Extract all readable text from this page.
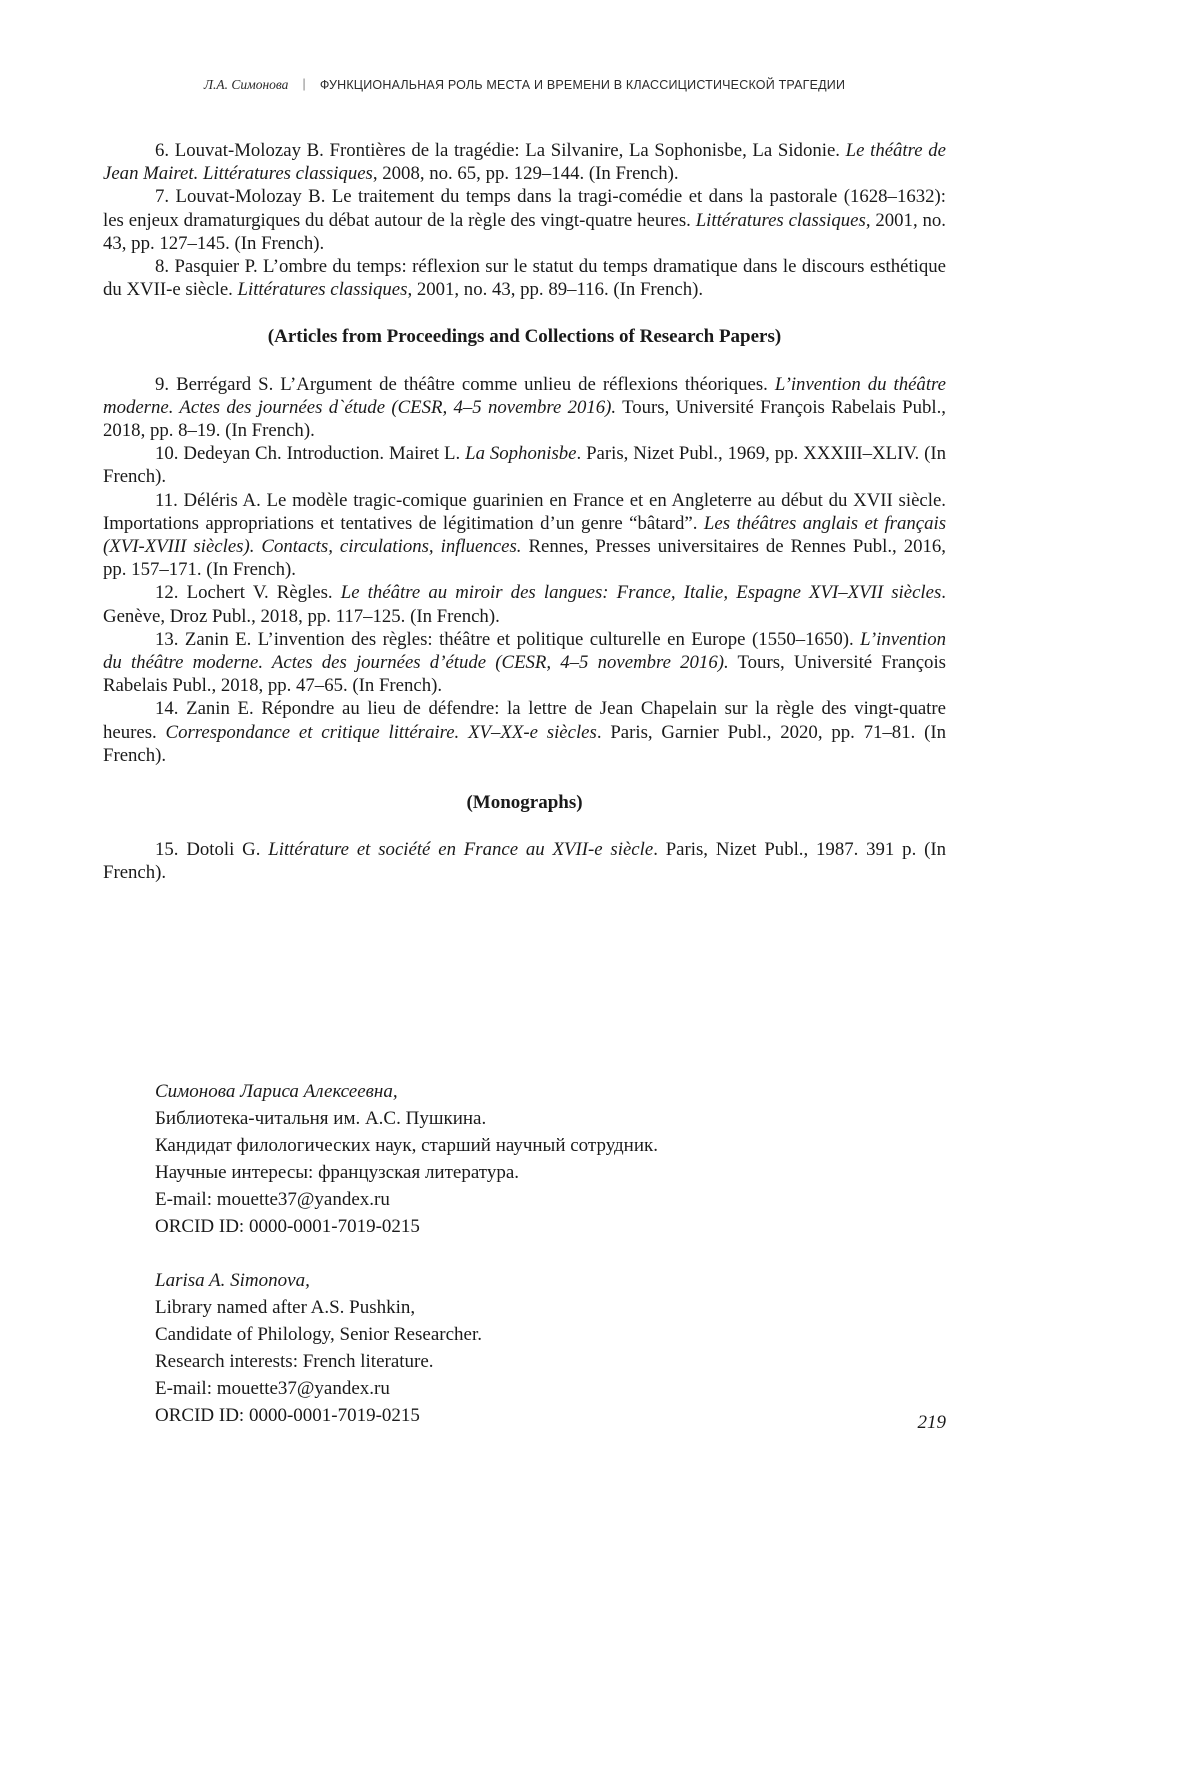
Л.А. Симонова | ФУНКЦИОНАЛЬНАЯ РОЛЬ МЕСТА И ВРЕМЕНИ В КЛАССИЦИСТИЧЕСКОЙ ТРАГЕДИИ

6. Louvat-Molozay B. Frontières de la tragédie: La Silvanire, La Sophonisbe, La Sidonie. Le théâtre de Jean Mairet. Littératures classiques, 2008, no. 65, pp. 129–144. (In French).

7. Louvat-Molozay B. Le traitement du temps dans la tragi-comédie et dans la pastorale (1628–1632): les enjeux dramaturgiques du débat autour de la règle des vingt-quatre heures. Littératures classiques, 2001, no. 43, pp. 127–145. (In French).

8. Pasquier P. L’ombre du temps: réflexion sur le statut du temps dramatique dans le discours esthétique du XVII-e siècle. Littératures classiques, 2001, no. 43, pp. 89–116. (In French).

(Articles from Proceedings and Collections of Research Papers)

9. Berrégard S. L’Argument de théâtre comme unlieu de réflexions théoriques. L’invention du théâtre moderne. Actes des journées d`étude (CESR, 4–5 novembre 2016). Tours, Université François Rabelais Publ., 2018, pp. 8–19. (In French).

10. Dedeyan Ch. Introduction. Mairet L. La Sophonisbe. Paris, Nizet Publ., 1969, pp. XXXIII–XLIV. (In French).

11. Déléris A. Le modèle tragic-comique guarinien en France et en Angleterre au début du XVII siècle. Importations appropriations et tentatives de légitimation d’un genre “bâtard”. Les théâtres anglais et français (XVI-XVIII siècles). Contacts, circulations, influences. Rennes, Presses universitaires de Rennes Publ., 2016, pp. 157–171. (In French).

12. Lochert V. Règles. Le théâtre au miroir des langues: France, Italie, Espagne XVI–XVII siècles. Genève, Droz Publ., 2018, pp. 117–125. (In French).

13. Zanin E. L’invention des règles: théâtre et politique culturelle en Europe (1550–1650). L’invention du théâtre moderne. Actes des journées d’étude (CESR, 4–5 novembre 2016). Tours, Université François Rabelais Publ., 2018, pp. 47–65. (In French).

14. Zanin E. Répondre au lieu de défendre: la lettre de Jean Chapelain sur la règle des vingt-quatre heures. Correspondance et critique littéraire. XV–XX-e siècles. Paris, Garnier Publ., 2020, pp. 71–81. (In French).

(Monographs)

15. Dotoli G. Littérature et société en France au XVII-e siècle. Paris, Nizet Publ., 1987. 391 p. (In French).

Симонова Лариса Алексеевна,
Библиотека-читальня им. А.С. Пушкина.
Кандидат филологических наук, старший научный сотрудник.
Научные интересы: французская литература.
E-mail: mouette37@yandex.ru
ORCID ID: 0000-0001-7019-0215
Larisa A. Simonova,
Library named after A.S. Pushkin,
Candidate of Philology, Senior Researcher.
Research interests: French literature.
E-mail: mouette37@yandex.ru
ORCID ID: 0000-0001-7019-0215	219
